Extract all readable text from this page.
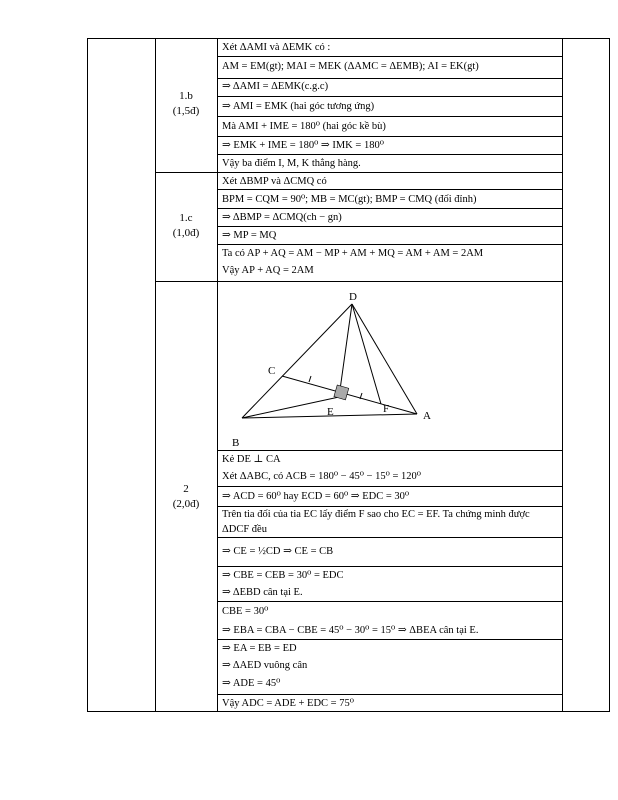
1.b
(1,5đ)
1.c
(1,0đ)
2
(2,0đ)
Xét ΔAMI và ΔEMK có :
AM = EM(gt); MAI = MEK (ΔAMC = ΔEMB); AI = EK(gt)
⇒ ΔAMI = ΔEMK(c.g.c)
⇒ AMI = EMK (hai góc tương ứng)
Mà AMI + IME = 180⁰ (hai góc kề bù)
⇒ EMK + IME = 180⁰ ⇒ IMK = 180⁰
Vậy ba điểm I, M, K thẳng hàng.
Xét ΔBMP và ΔCMQ có
BPM = CQM = 90⁰; MB = MC(gt); BMP = CMQ (đối đỉnh)
⇒ ΔBMP = ΔCMQ(ch − gn)
⇒ MP = MQ
Ta có AP + AQ = AM − MP + AM + MQ = AM + AM = 2AM
Vậy AP + AQ = 2AM
D
C
E	F
A
B
Kẻ DE ⊥ CA
Xét ΔABC, có ACB = 180⁰ − 45⁰ − 15⁰ = 120⁰
⇒ ACD = 60⁰ hay ECD = 60⁰ ⇒ EDC = 30⁰
Trên tia đối của tia EC lấy điểm F sao cho EC = EF. Ta chứng minh được
ΔDCF đều
⇒ CE = ½CD ⇒ CE = CB
⇒ CBE = CEB = 30⁰ = EDC
⇒ ΔEBD cân tại E.
CBE = 30⁰
⇒ EBA = CBA − CBE = 45⁰ − 30⁰ = 15⁰ ⇒ ΔBEA cân tại E.
⇒ EA = EB = ED
⇒ ΔAED vuông cân
⇒ ADE = 45⁰
Vậy ADC = ADE + EDC = 75⁰
